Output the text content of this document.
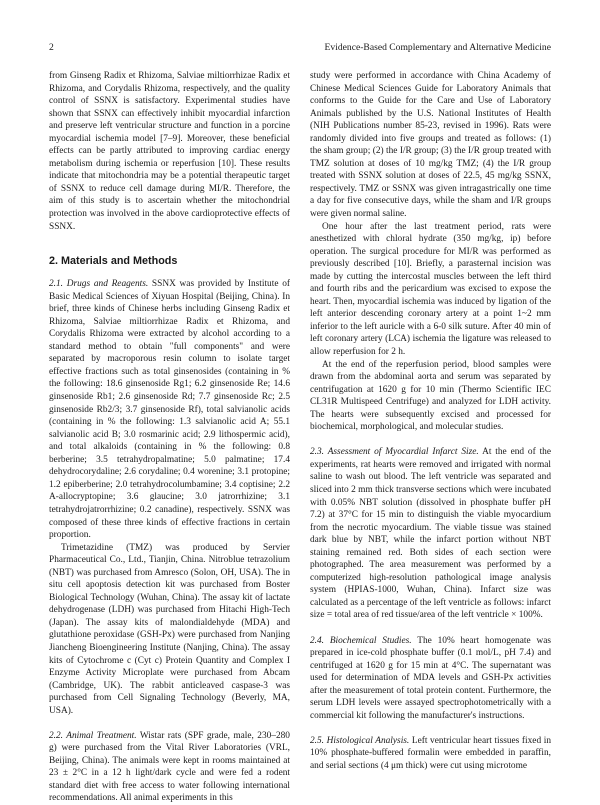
2	Evidence-Based Complementary and Alternative Medicine

from Ginseng Radix et Rhizoma, Salviae miltiorrhizae Radix et Rhizoma, and Corydalis Rhizoma, respectively, and the quality control of SSNX is satisfactory. Experimental studies have shown that SSNX can effectively inhibit myocardial infarction and preserve left ventricular structure and function in a porcine myocardial ischemia model [7–9]. Moreover, these beneficial effects can be partly attributed to improving cardiac energy metabolism during ischemia or reperfusion [10]. These results indicate that mitochondria may be a potential therapeutic target of SSNX to reduce cell damage during MI/R. Therefore, the aim of this study is to ascertain whether the mitochondrial protection was involved in the above cardioprotective effects of SSNX.

2. Materials and Methods

2.1. Drugs and Reagents. SSNX was provided by Institute of Basic Medical Sciences of Xiyuan Hospital (Beijing, China). In brief, three kinds of Chinese herbs including Ginseng Radix et Rhizoma, Salviae miltiorrhizae Radix et Rhizoma, and Corydalis Rhizoma were extracted by alcohol according to a standard method to obtain "full components" and were separated by macroporous resin column to isolate target effective fractions such as total ginsenosides (containing in % the following: 18.6 ginsenoside Rg1; 6.2 ginsenoside Re; 14.6 ginsenoside Rb1; 2.6 ginsenoside Rd; 7.7 ginsenoside Rc; 2.5 ginsenoside Rb2/3; 3.7 ginsenoside Rf), total salvianolic acids (containing in % the following: 1.3 salvianolic acid A; 55.1 salvianolic acid B; 3.0 rosmarinic acid; 2.9 lithospermic acid), and total alkaloids (containing in % the following: 0.8 berberine; 3.5 tetrahydropalmatine; 5.0 palmatine; 17.4 dehydrocorydaline; 2.6 corydaline; 0.4 worenine; 3.1 protopine; 1.2 epiberberine; 2.0 tetrahydrocolumbamine; 3.4 coptisine; 2.2 A-allocryptopine; 3.6 glaucine; 3.0 jatrorrhizine; 3.1 tetrahydrojatrorrhizine; 0.2 canadine), respectively. SSNX was composed of these three kinds of effective fractions in certain proportion.

Trimetazidine (TMZ) was produced by Servier Pharmaceutical Co., Ltd., Tianjin, China. Nitroblue tetrazolium (NBT) was purchased from Amresco (Solon, OH, USA). The in situ cell apoptosis detection kit was purchased from Boster Biological Technology (Wuhan, China). The assay kit of lactate dehydrogenase (LDH) was purchased from Hitachi High-Tech (Japan). The assay kits of malondialdehyde (MDA) and glutathione peroxidase (GSH-Px) were purchased from Nanjing Jiancheng Bioengineering Institute (Nanjing, China). The assay kits of Cytochrome c (Cyt c) Protein Quantity and Complex I Enzyme Activity Microplate were purchased from Abcam (Cambridge, UK). The rabbit anticleaved caspase-3 was purchased from Cell Signaling Technology (Beverly, MA, USA).

2.2. Animal Treatment. Wistar rats (SPF grade, male, 230–280 g) were purchased from the Vital River Laboratories (VRL, Beijing, China). The animals were kept in rooms maintained at 23 ± 2°C in a 12 h light/dark cycle and were fed a rodent standard diet with free access to water following international recommendations. All animal experiments in this

study were performed in accordance with China Academy of Chinese Medical Sciences Guide for Laboratory Animals that conforms to the Guide for the Care and Use of Laboratory Animals published by the U.S. National Institutes of Health (NIH Publications number 85-23, revised in 1996). Rats were randomly divided into five groups and treated as follows: (1) the sham group; (2) the I/R group; (3) the I/R group treated with TMZ solution at doses of 10 mg/kg TMZ; (4) the I/R group treated with SSNX solution at doses of 22.5, 45 mg/kg SSNX, respectively. TMZ or SSNX was given intragastrically one time a day for five consecutive days, while the sham and I/R groups were given normal saline.

One hour after the last treatment period, rats were anesthetized with chloral hydrate (350 mg/kg, ip) before operation. The surgical procedure for MI/R was performed as previously described [10]. Briefly, a parasternal incision was made by cutting the intercostal muscles between the left third and fourth ribs and the pericardium was excised to expose the heart. Then, myocardial ischemia was induced by ligation of the left anterior descending coronary artery at a point 1~2 mm inferior to the left auricle with a 6-0 silk suture. After 40 min of left coronary artery (LCA) ischemia the ligature was released to allow reperfusion for 2 h.

At the end of the reperfusion period, blood samples were drawn from the abdominal aorta and serum was separated by centrifugation at 1620 g for 10 min (Thermo Scientific IEC CL31R Multispeed Centrifuge) and analyzed for LDH activity. The hearts were subsequently excised and processed for biochemical, morphological, and molecular studies.

2.3. Assessment of Myocardial Infarct Size. At the end of the experiments, rat hearts were removed and irrigated with normal saline to wash out blood. The left ventricle was separated and sliced into 2 mm thick transverse sections which were incubated with 0.05% NBT solution (dissolved in phosphate buffer pH 7.2) at 37°C for 15 min to distinguish the viable myocardium from the necrotic myocardium. The viable tissue was stained dark blue by NBT, while the infarct portion without NBT staining remained red. Both sides of each section were photographed. The area measurement was performed by a computerized high-resolution pathological image analysis system (HPIAS-1000, Wuhan, China). Infarct size was calculated as a percentage of the left ventricle as follows: infarct size = total area of red tissue/area of the left ventricle × 100%.

2.4. Biochemical Studies. The 10% heart homogenate was prepared in ice-cold phosphate buffer (0.1 mol/L, pH 7.4) and centrifuged at 1620 g for 15 min at 4°C. The supernatant was used for determination of MDA levels and GSH-Px activities after the measurement of total protein content. Furthermore, the serum LDH levels were assayed spectrophotometrically with a commercial kit following the manufacturer's instructions.

2.5. Histological Analysis. Left ventricular heart tissues fixed in 10% phosphate-buffered formalin were embedded in paraffin, and serial sections (4 μm thick) were cut using microtome
